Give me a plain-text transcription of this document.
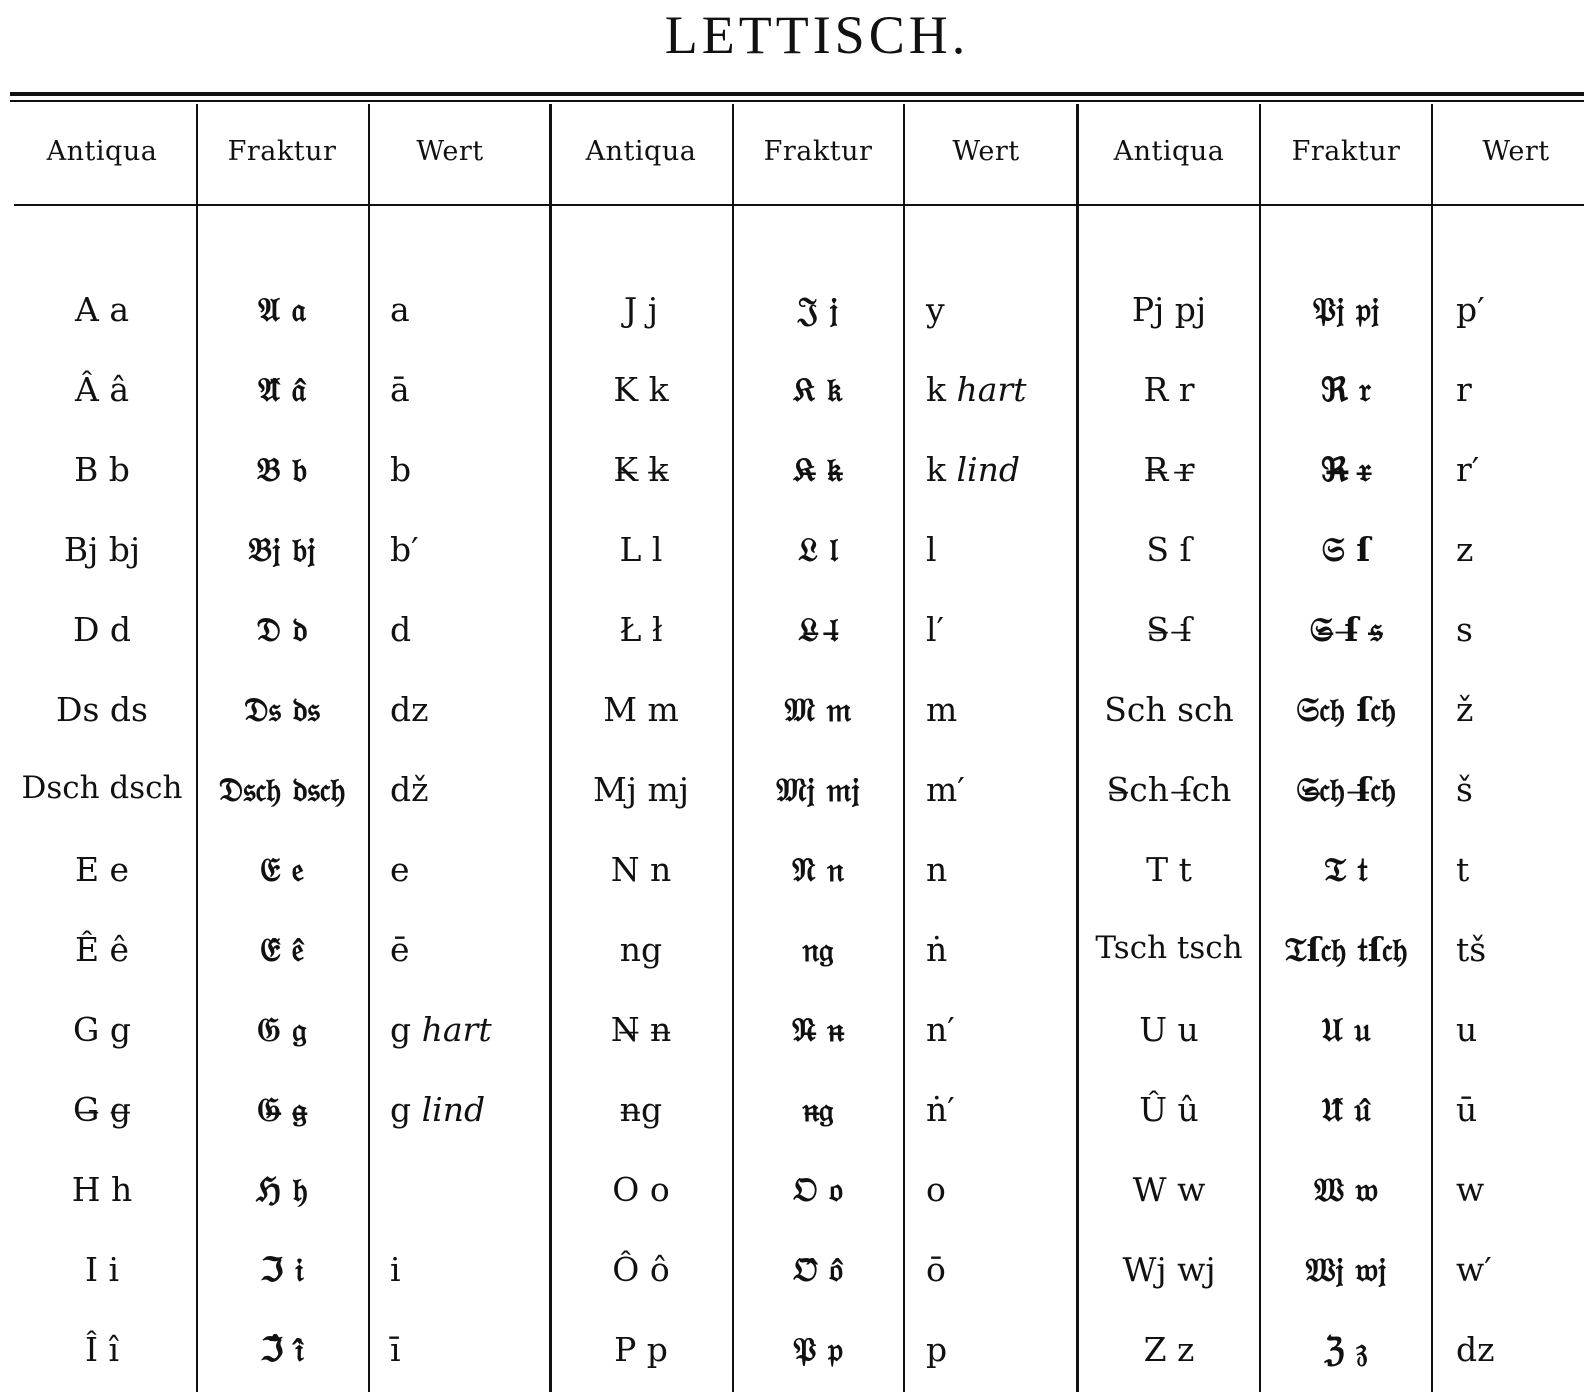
LETTISCH.
Antiqua	Fraktur	Wert
A a	𝔄 𝔞	a
Â â	𝔄̂ 𝔞̂	ā
B b	𝔅 𝔟	b
Bj bj	𝔅𝔧 𝔟𝔧	b′
D d	𝔇 𝔡	d
Ds ds	𝔇𝔰 𝔡𝔰	dz
Dsch dsch	𝔇𝔰𝔠𝔥 𝔡𝔰𝔠𝔥	dž
E e	𝔈 𝔢	e
Ê ê	𝔈̂ 𝔢̂	ē
G g	𝔊 𝔤	g hart
G̶ g̶	𝔊̶ 𝔤̶	g lind
H h	ℌ 𝔥
I i	ℑ 𝔦	i
Î î	ℑ̂ 𝔦̂	ī
Antiqua	Fraktur	Wert
J j	𝔍 𝔧	y
K k	𝔎 𝔨	k hart
K̶ k̶	𝔎̶ 𝔨̶	k lind
L l	𝔏 𝔩	l
Ł ł	𝔏̶ 𝔩̶	l′
M m	𝔐 𝔪	m
Mj mj	𝔐𝔧 𝔪𝔧	m′
N n	𝔑 𝔫	n
ng	𝔫𝔤	ṅ
N̶ n̶	𝔑̶ 𝔫̶	n′
n̶g	𝔫̶𝔤	ṅ′
O o	𝔒 𝔬	o
Ô ô	𝔒̂ 𝔬̂	ō
P p	𝔓 𝔭	p
Antiqua	Fraktur	Wert
Pj pj	𝔓𝔧 𝔭𝔧	p′
R r	ℜ 𝔯	r
R̶ r̶	ℜ̶ 𝔯̶	r′
S ſ	𝔖 ſ	z
S̶ ſ̶	𝔖̶ ſ̶ 𝔰̶	s
Sch sch	𝔖𝔠𝔥 ſ𝔠𝔥	ž
S̶ch ſ̶ch	𝔖̶𝔠𝔥 ſ̶𝔠𝔥	š
T t	𝔗 𝔱	t
Tsch tsch	𝔗ſ𝔠𝔥 𝔱ſ𝔠𝔥	tš
U u	𝔘 𝔲	u
Û û	𝔘̂ 𝔲̂	ū
W w	𝔚 𝔴	w
Wj wj	𝔚𝔧 𝔴𝔧	w′
Z z	ℨ 𝔷	dz
